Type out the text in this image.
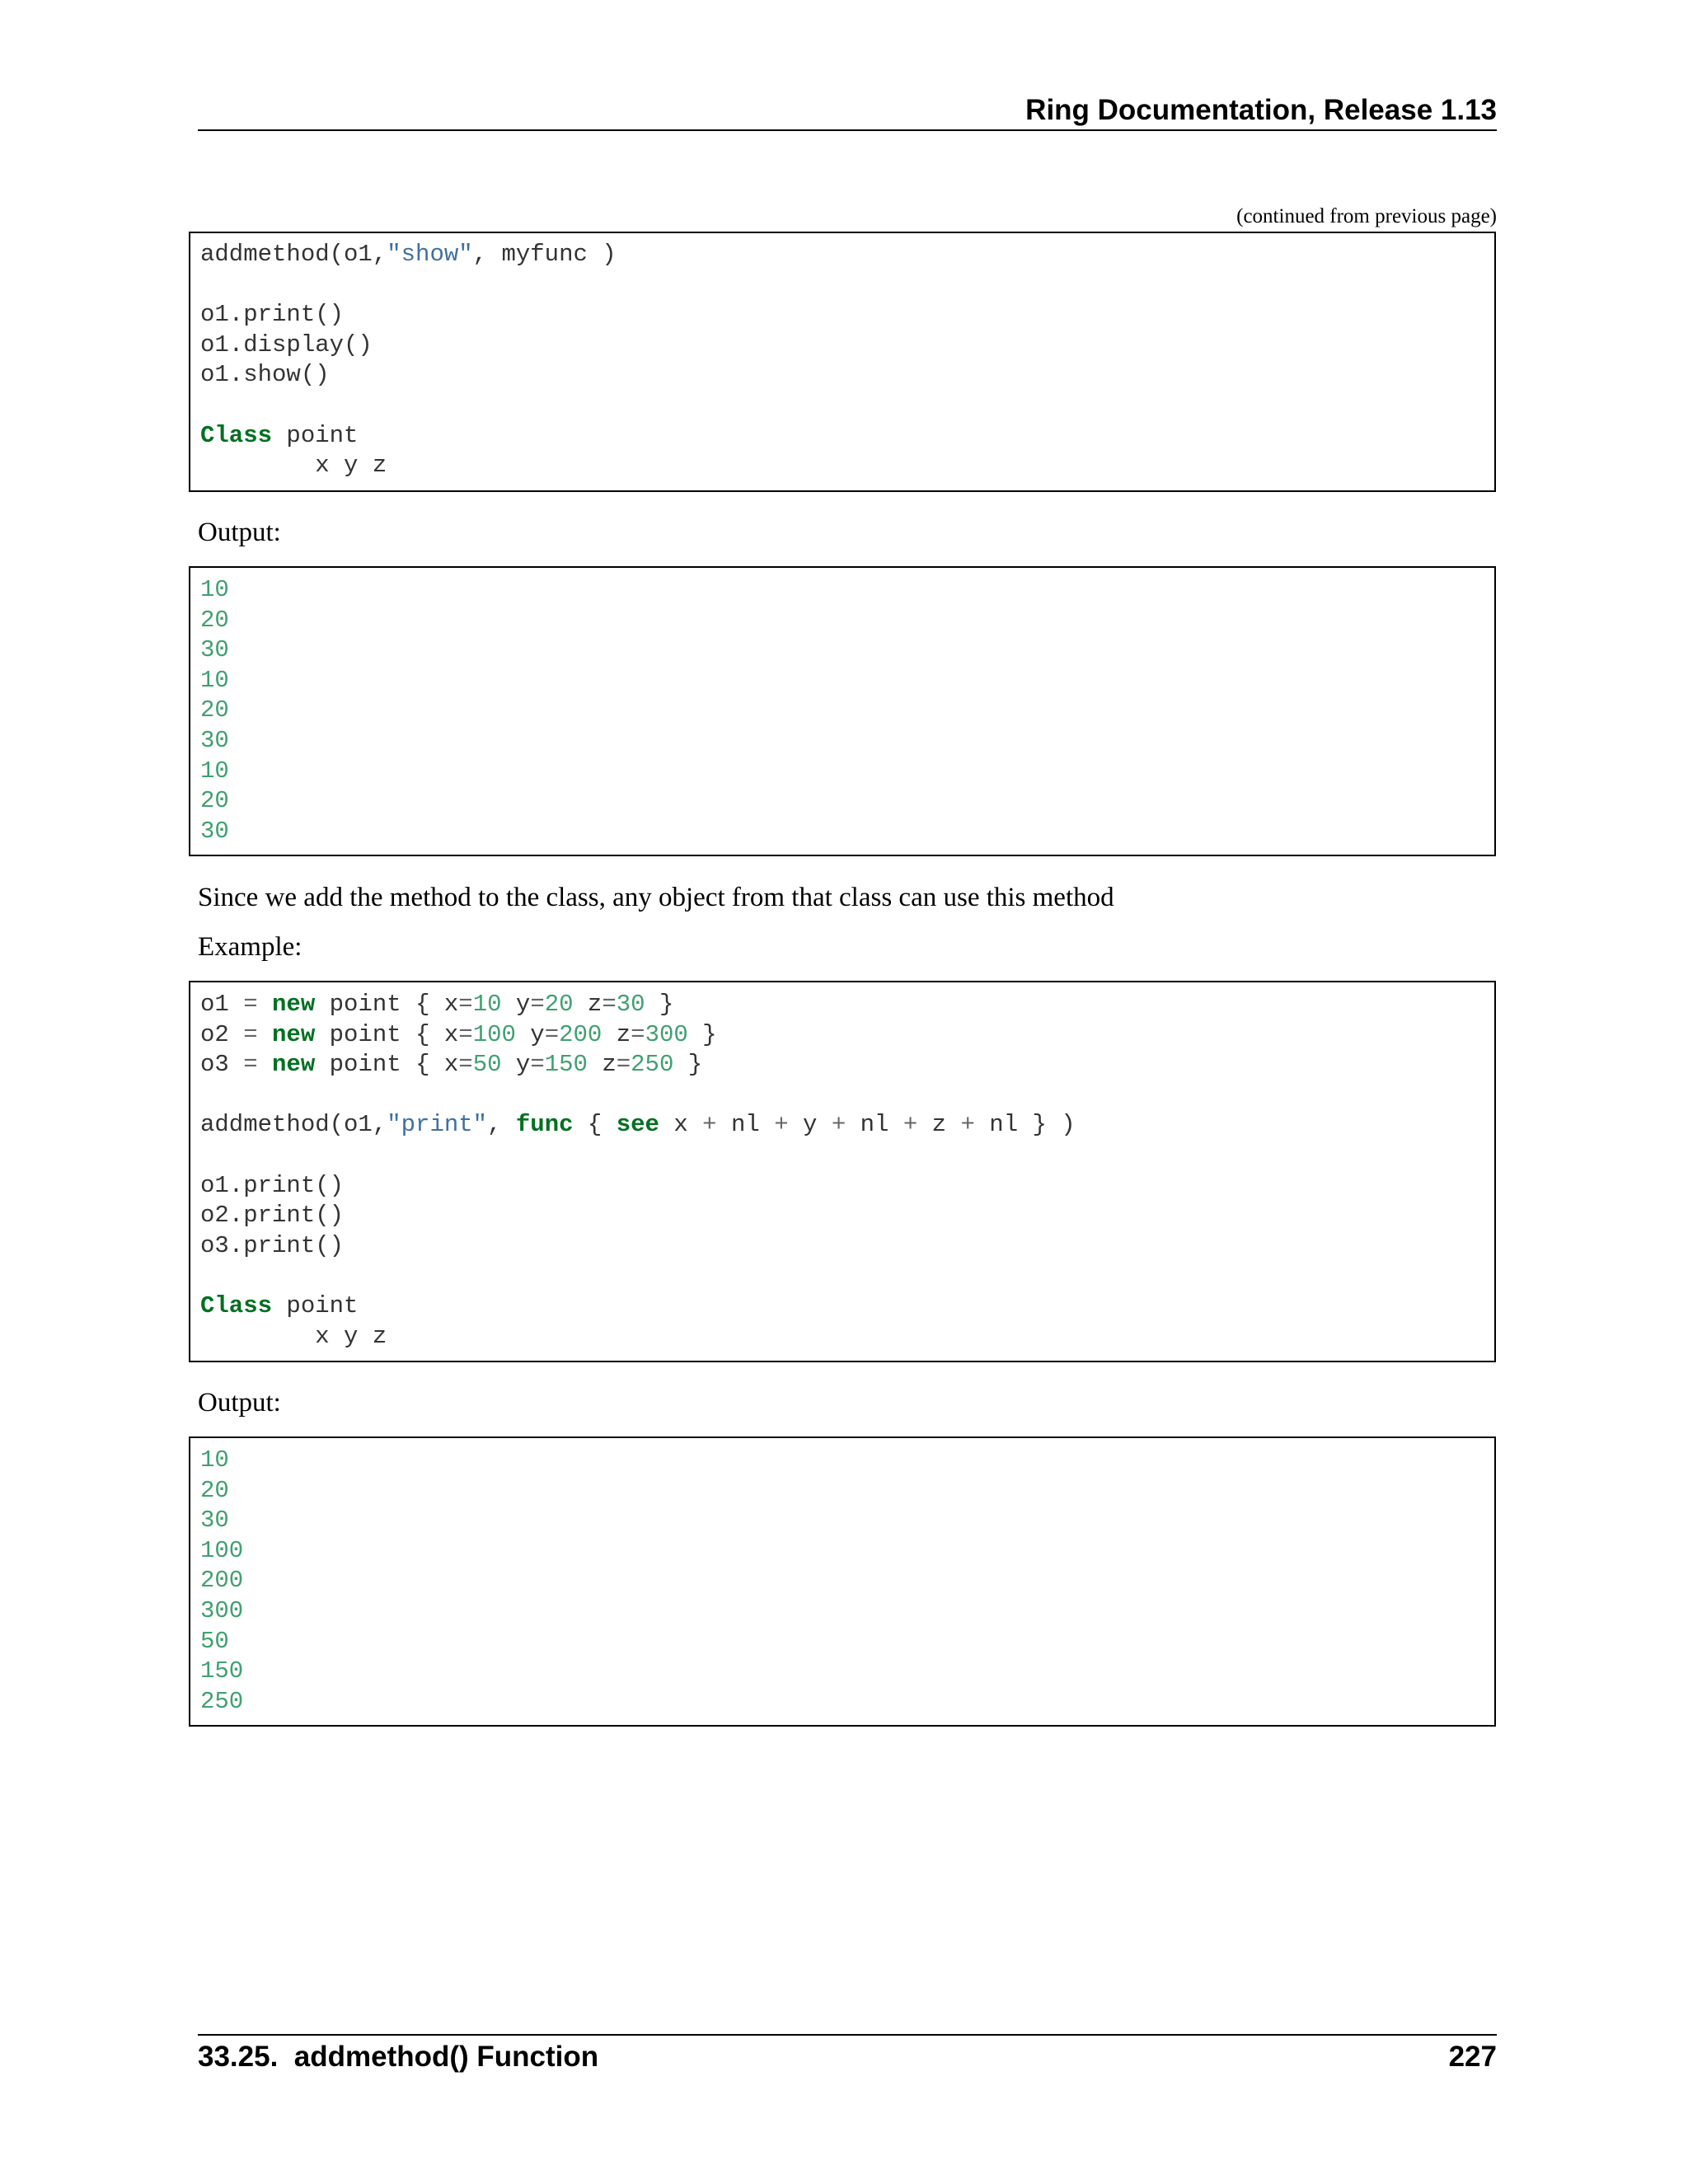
Ring Documentation, Release 1.13
(continued from previous page)
addmethod(o1,"show", myfunc )

o1.print()
o1.display()
o1.show()

Class point
x y z
Output:
10
20
30
10
20
30
10
20
30
Since we add the method to the class, any object from that class can use this method
Example:
o1 = new point { x=10 y=20 z=30 }
o2 = new point { x=100 y=200 z=300 }
o3 = new point { x=50 y=150 z=250 }

addmethod(o1,"print", func { see x + nl + y + nl + z + nl } )

o1.print()
o2.print()
o3.print()

Class point
x y z
Output:
10
20
30
100
200
300
50
150
250
33.25.  addmethod() Function	227
